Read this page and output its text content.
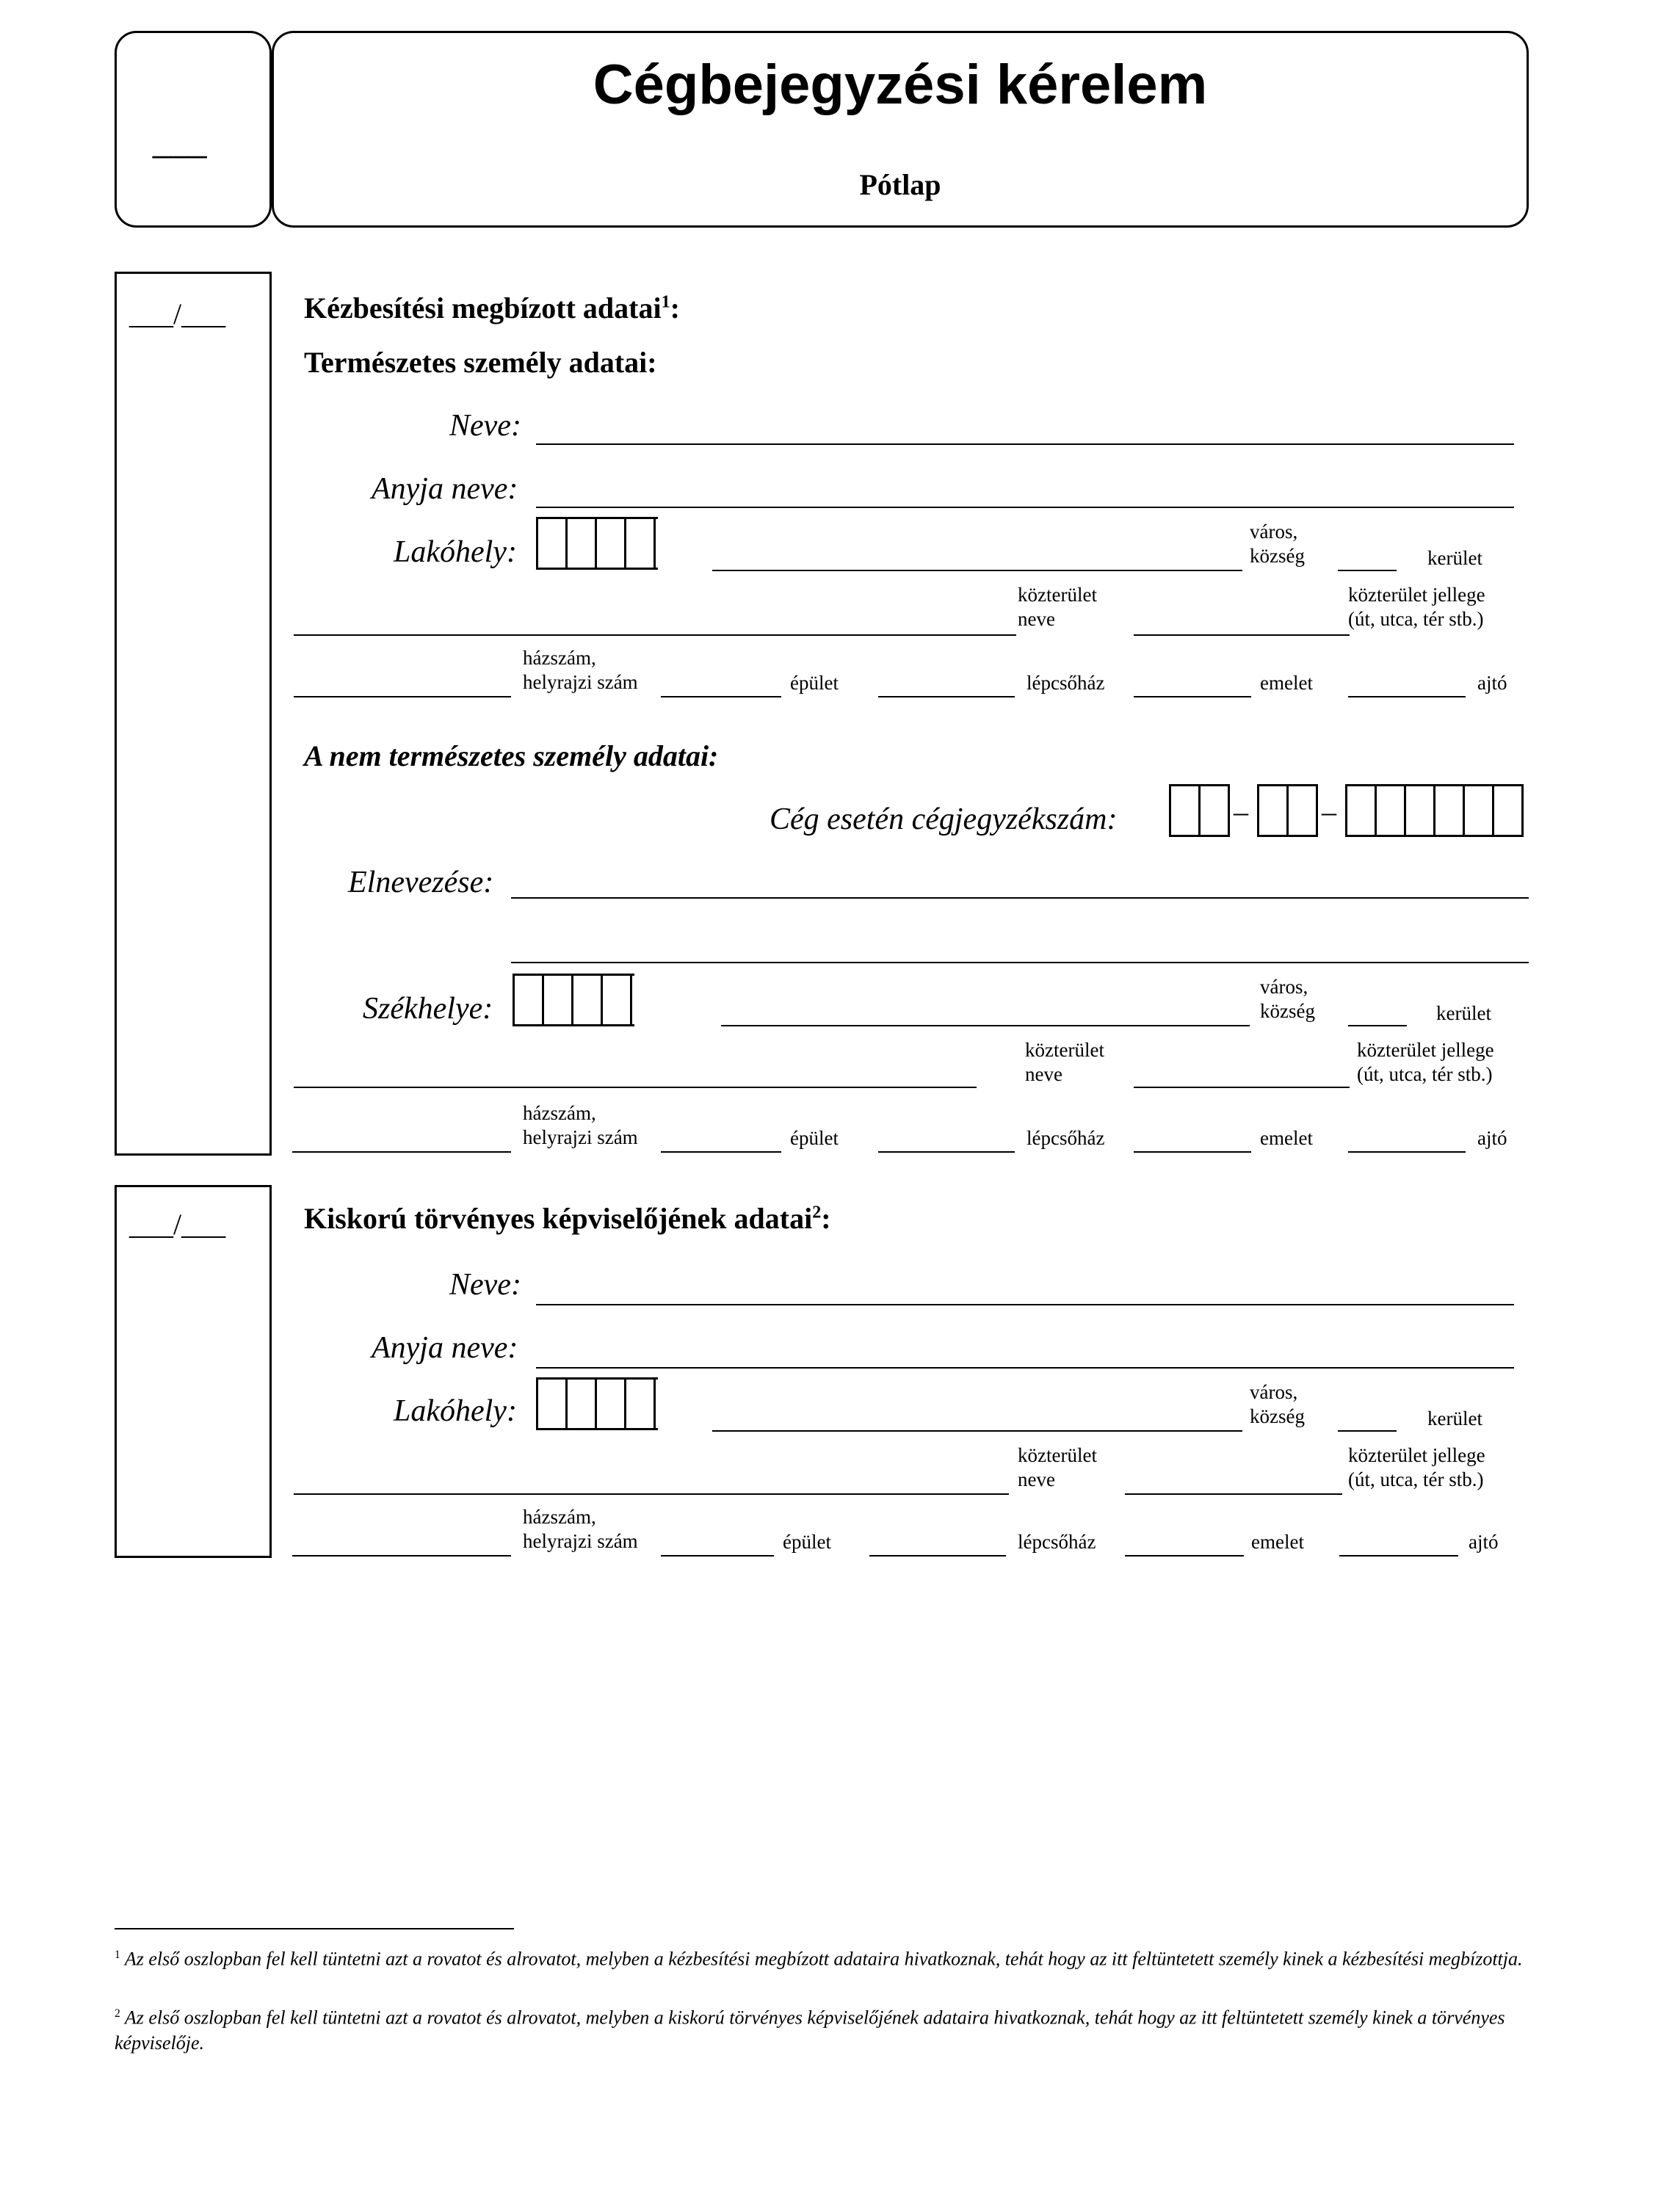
___
Cégbejegyzési kérelem
Pótlap
___/___	Kézbesítési megbízott adatai$^1$:
Természetes személy adatai:
Neve:
Anyja neve:
Lakóhely:
város,
község	kerület
közterület
neve
közterület jellege
(út, utca, tér stb.)
házszám,
helyrajzi szám	épület	lépcsőház	emelet	ajtó
A nem természetes személy adatai:
Cég esetén cégjegyzékszám:	–	–
Elnevezése:
Székhelye:
város,
község	kerület
közterület
neve
közterület jellege
(út, utca, tér stb.)
házszám,
helyrajzi szám	épület	lépcsőház	emelet	ajtó
___/___	Kiskorú törvényes képviselőjének adatai$^2$:
Neve:
Anyja neve:
Lakóhely:
város,
község	kerület
közterület
neve
közterület jellege
(út, utca, tér stb.)
házszám,
helyrajzi szám	épület	lépcsőház	emelet	ajtó
$^1$ Az első oszlopban fel kell tüntetni azt a rovatot és alrovatot, melyben a kézbesítési megbízott adataira hivatkoznak, tehát hogy az itt feltüntetett személy kinek a kézbesítési megbízottja.
$^2$ Az első oszlopban fel kell tüntetni azt a rovatot és alrovatot, melyben a kiskorú törvényes képviselőjének adataira hivatkoznak, tehát hogy az itt feltüntetett személy kinek a törvényes képviselője.
